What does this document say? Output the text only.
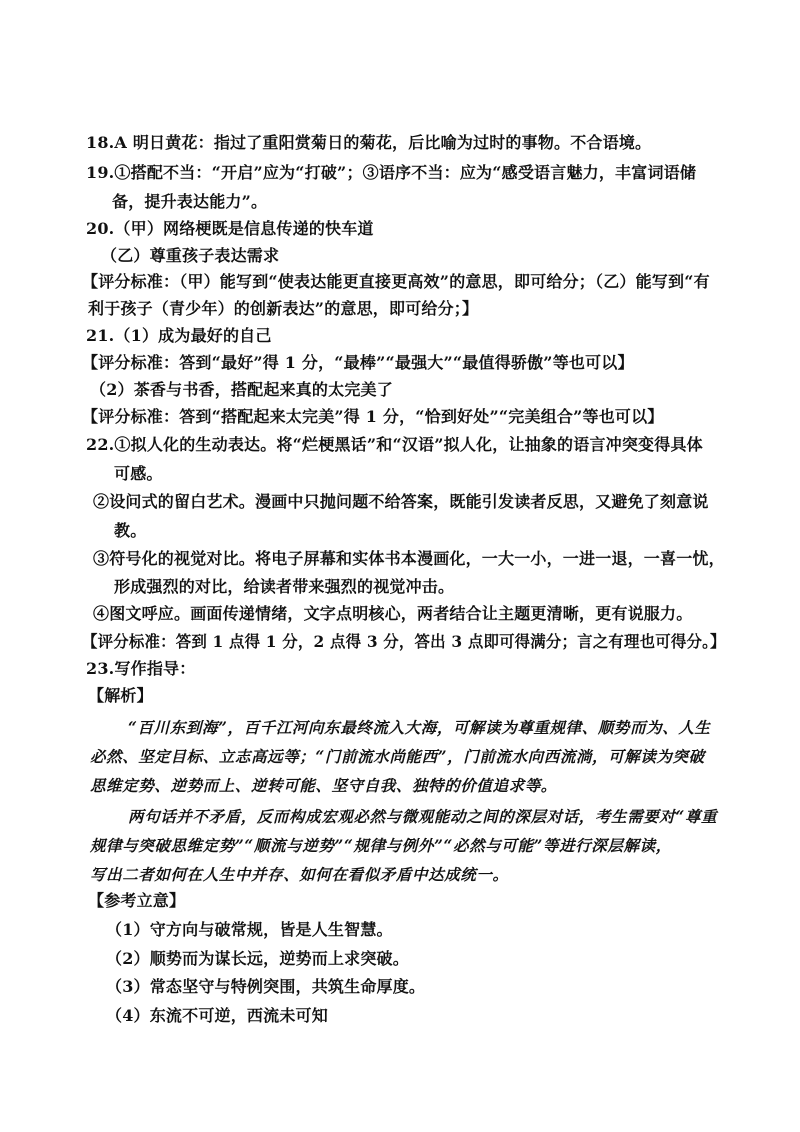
18.A 明日黄花：指过了重阳赏菊日的菊花，后比喻为过时的事物。不合语境。
19.①搭配不当：“开启”应为“打破”；③语序不当：应为“感受语言魅力，丰富词语储
备，提升表达能力”。
20.（甲）网络梗既是信息传递的快车道
（乙）尊重孩子表达需求
【评分标准：（甲）能写到“使表达能更直接更高效”的意思，即可给分；（乙）能写到“有
利于孩子（青少年）的创新表达”的意思，即可给分；】
21.（1）成为最好的自己
【评分标准：答到“最好”得 1 分，“最棒”“最强大”“最值得骄傲”等也可以】
（2）茶香与书香，搭配起来真的太完美了
【评分标准：答到“搭配起来太完美”得 1 分，“恰到好处”“完美组合”等也可以】
22.①拟人化的生动表达。将“烂梗黑话”和“汉语”拟人化，让抽象的语言冲突变得具体
可感。
②设问式的留白艺术。漫画中只抛问题不给答案，既能引发读者反思，又避免了刻意说
教。
③符号化的视觉对比。将电子屏幕和实体书本漫画化，一大一小，一进一退，一喜一忧，
形成强烈的对比，给读者带来强烈的视觉冲击。
④图文呼应。画面传递情绪，文字点明核心，两者结合让主题更清晰，更有说服力。
【评分标准：答到 1 点得 1 分，2 点得 3 分，答出 3 点即可得满分；言之有理也可得分。】
23.写作指导：
【解析】
“百川东到海”，百千江河向东最终流入大海，可解读为尊重规律、顺势而为、人生
必然、坚定目标、立志高远等；“门前流水尚能西”，门前流水向西流淌，可解读为突破
思维定势、逆势而上、逆转可能、坚守自我、独特的价值追求等。
两句话并不矛盾，反而构成宏观必然与微观能动之间的深层对话，考生需要对“尊重
规律与突破思维定势”“顺流与逆势”“规律与例外”“必然与可能”等进行深层解读，
写出二者如何在人生中并存、如何在看似矛盾中达成统一。
【参考立意】
（1）守方向与破常规，皆是人生智慧。
（2）顺势而为谋长远，逆势而上求突破。
（3）常态坚守与特例突围，共筑生命厚度。
（4）东流不可逆，西流未可知
